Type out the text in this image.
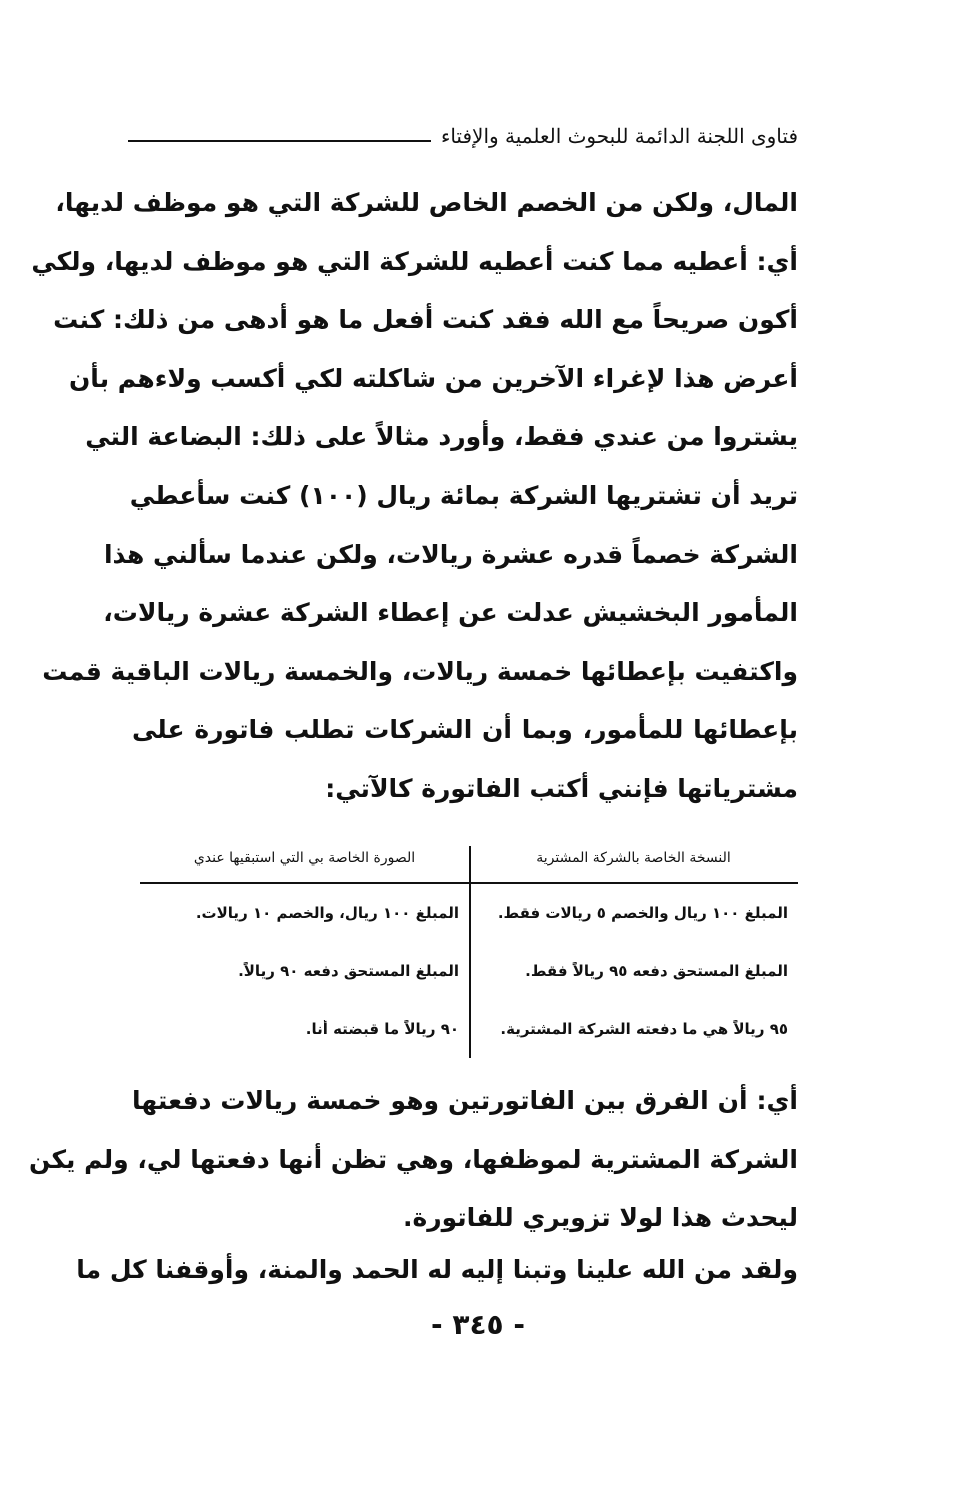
فتاوى اللجنة الدائمة للبحوث العلمية والإفتاء
المال، ولكن من الخصم الخاص للشركة التي هو موظف لديها،
أي: أعطيه مما كنت أعطيه للشركة التي هو موظف لديها، ولكي
أكون صريحاً مع الله فقد كنت أفعل ما هو أدهى من ذلك: كنت
أعرض هذا لإغراء الآخرين من شاكلته لكي أكسب ولاءهم بأن
يشتروا من عندي فقط، وأورد مثالاً على ذلك: البضاعة التي
تريد أن تشتريها الشركة بمائة ريال (١٠٠) كنت سأعطي
الشركة خصماً قدره عشرة ريالات، ولكن عندما سألني هذا
المأمور البخشيش عدلت عن إعطاء الشركة عشرة ريالات،
واكتفيت بإعطائها خمسة ريالات، والخمسة ريالات الباقية قمت
بإعطائها للمأمور، وبما أن الشركات تطلب فاتورة على
مشترياتها فإنني أكتب الفاتورة كالآتي:
النسخة الخاصة بالشركة المشترية
الصورة الخاصة بي التي استبقيها عندي
المبلغ ١٠٠ ريال والخصم ٥ ريالات فقط.
المبلغ ١٠٠ ريال، والخصم ١٠ ريالات.
المبلغ المستحق دفعه ٩٥ ريالاً فقط.
المبلغ المستحق دفعه ٩٠ ريالاً.
٩٥ ريالاً هي ما دفعته الشركة المشترية.
٩٠ ريالاً ما قبضته أنا.
أي: أن الفرق بين الفاتورتين وهو خمسة ريالات دفعتها
الشركة المشترية لموظفها، وهي تظن أنها دفعتها لي، ولم يكن
ليحدث هذا لولا تزويري للفاتورة.
ولقد من الله علينا وتبنا إليه له الحمد والمنة، وأوقفنا كل ما
- ٣٤٥ -
